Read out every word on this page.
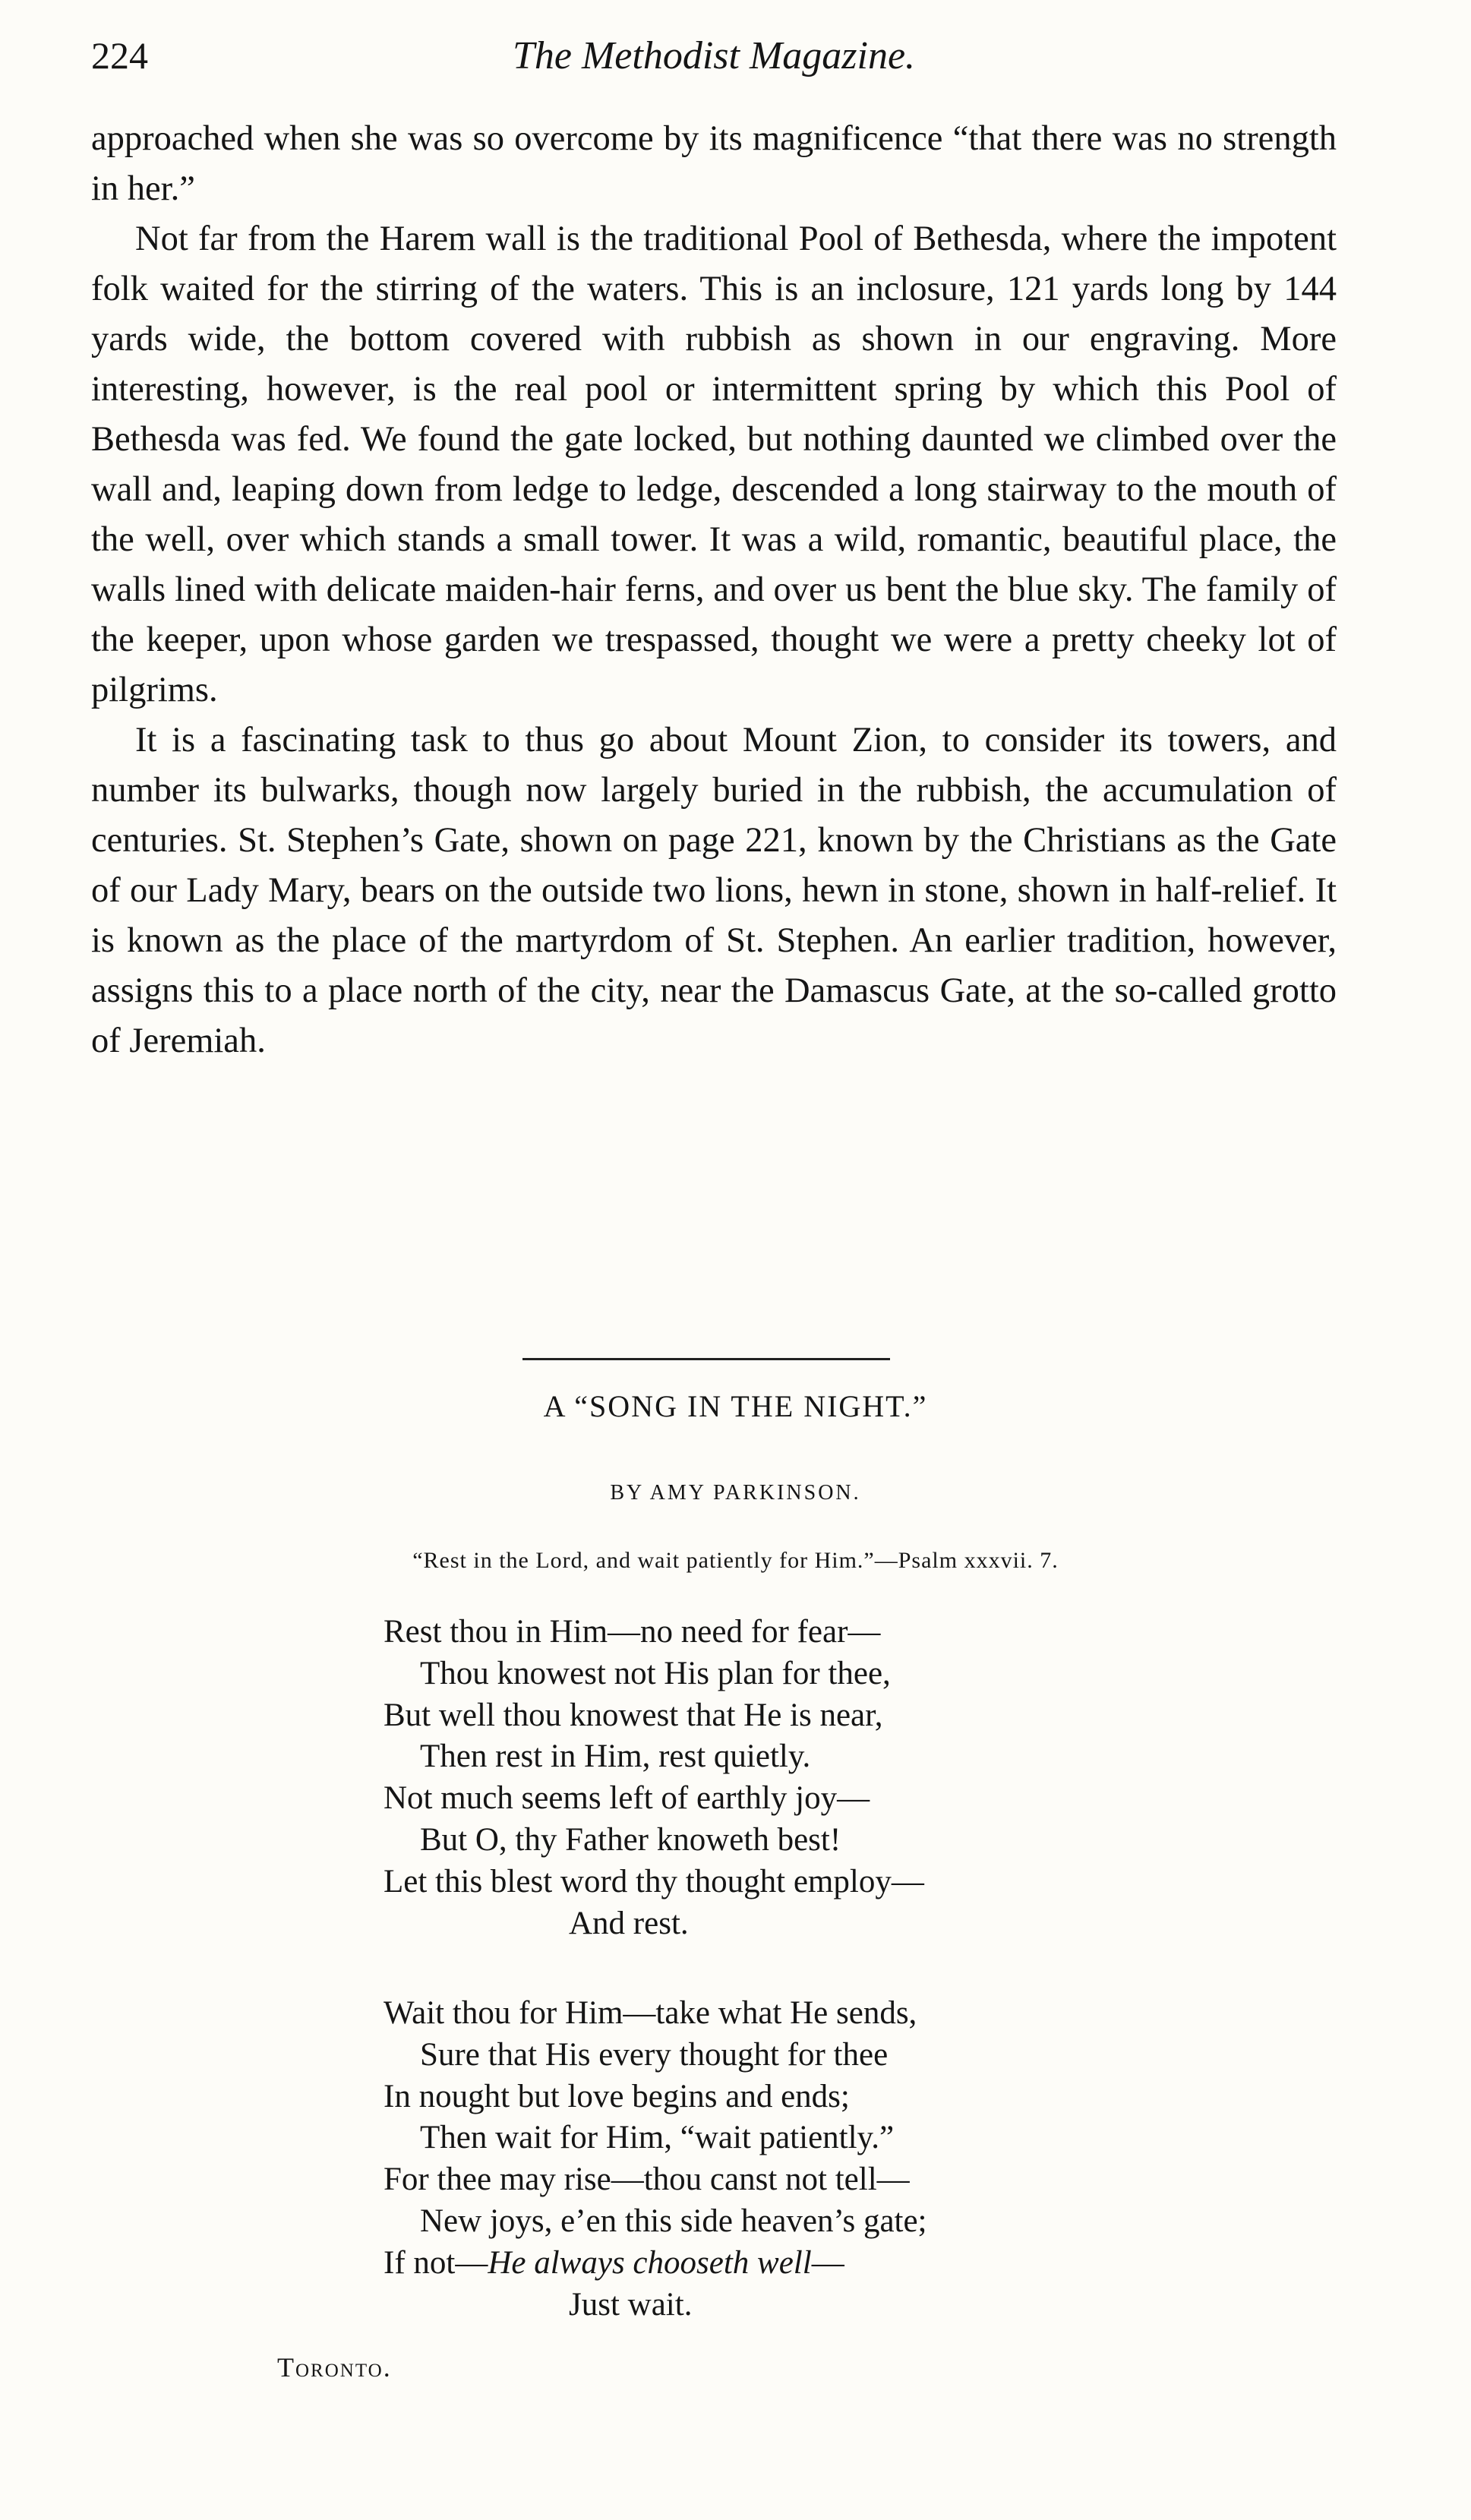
224	The Methodist Magazine.

approached when she was so overcome by its magnificence “that there was no strength in her.”

Not far from the Harem wall is the traditional Pool of Bethesda, where the impotent folk waited for the stirring of the waters. This is an inclosure, 121 yards long by 144 yards wide, the bottom covered with rubbish as shown in our engraving. More interesting, however, is the real pool or intermittent spring by which this Pool of Bethesda was fed. We found the gate locked, but nothing daunted we climbed over the wall and, leaping down from ledge to ledge, descended a long stairway to the mouth of the well, over which stands a small tower. It was a wild, romantic, beautiful place, the walls lined with delicate maiden-hair ferns, and over us bent the blue sky. The family of the keeper, upon whose garden we trespassed, thought we were a pretty cheeky lot of pilgrims.

It is a fascinating task to thus go about Mount Zion, to consider its towers, and number its bulwarks, though now largely buried in the rubbish, the accumulation of centuries. St. Stephen’s Gate, shown on page 221, known by the Christians as the Gate of our Lady Mary, bears on the outside two lions, hewn in stone, shown in half-relief. It is known as the place of the martyrdom of St. Stephen. An earlier tradition, however, assigns this to a place north of the city, near the Damascus Gate, at the so-called grotto of Jeremiah.

A “SONG IN THE NIGHT.”
BY AMY PARKINSON.
“Rest in the Lord, and wait patiently for Him.”—Psalm xxxvii. 7.
Rest thou in Him—no need for fear—
Thou knowest not His plan for thee,
But well thou knowest that He is near,
Then rest in Him, rest quietly.
Not much seems left of earthly joy—
But O, thy Father knoweth best!
Let this blest word thy thought employ—
And rest.
Wait thou for Him—take what He sends,
Sure that His every thought for thee
In nought but love begins and ends;
Then wait for Him, “wait patiently.”
For thee may rise—thou canst not tell—
New joys, e’en this side heaven’s gate;
If not—He always chooseth well—
Just wait.
Toronto.
